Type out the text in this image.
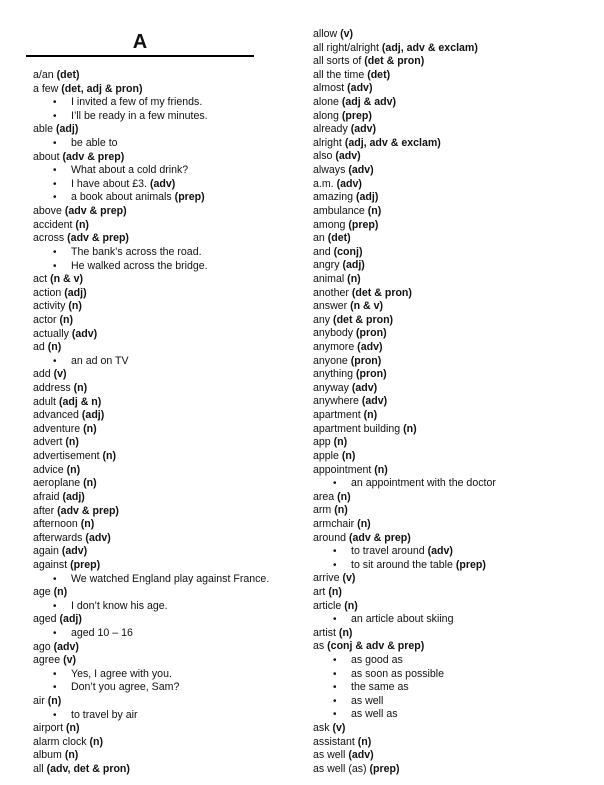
A
a/an (det)
a few (det, adj & pron)
• I invited a few of my friends.
• I’ll be ready in a few minutes.
able (adj)
• be able to
about (adv & prep)
• What about a cold drink?
• I have about £3. (adv)
• a book about animals (prep)
above (adv & prep)
accident (n)
across (adv & prep)
• The bank’s across the road.
• He walked across the bridge.
act (n & v)
action (adj)
activity (n)
actor (n)
actually (adv)
ad (n)
• an ad on TV
add (v)
address (n)
adult (adj & n)
advanced (adj)
adventure (n)
advert (n)
advertisement (n)
advice (n)
aeroplane (n)
afraid (adj)
after (adv & prep)
afternoon (n)
afterwards (adv)
again (adv)
against (prep)
• We watched England play against France.
age (n)
• I don’t know his age.
aged (adj)
• aged 10 – 16
ago (adv)
agree (v)
• Yes, I agree with you.
• Don’t you agree, Sam?
air (n)
• to travel by air
airport (n)
alarm clock (n)
album (n)
all (adv, det & pron)
allow (v)
all right/alright (adj, adv & exclam)
all sorts of (det & pron)
all the time (det)
almost (adv)
alone (adj & adv)
along (prep)
already (adv)
alright (adj, adv & exclam)
also (adv)
always (adv)
a.m. (adv)
amazing (adj)
ambulance (n)
among (prep)
an (det)
and (conj)
angry (adj)
animal (n)
another (det & pron)
answer (n & v)
any (det & pron)
anybody (pron)
anymore (adv)
anyone (pron)
anything (pron)
anyway (adv)
anywhere (adv)
apartment (n)
apartment building (n)
app (n)
apple (n)
appointment (n)
• an appointment with the doctor
area (n)
arm (n)
armchair (n)
around (adv & prep)
• to travel around (adv)
• to sit around the table (prep)
arrive (v)
art (n)
article (n)
• an article about skiing
artist (n)
as (conj & adv & prep)
• as good as
• as soon as possible
• the same as
• as well
• as well as
ask (v)
assistant (n)
as well (adv)
as well (as) (prep)
